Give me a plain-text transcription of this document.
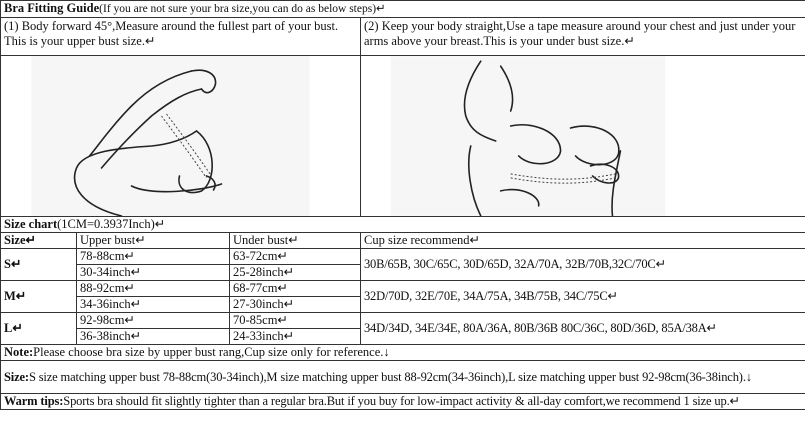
Bra Fitting Guide(If you are not sure your bra size,you can do as below steps)↵			
(1) Body forward 45°,Measure around the fullest part of your bust. This is your upper bust size.↵			(2) Keep your body straight,Use a tape measure around your chest and just under your arms above your breast.This is your under bust size.↵

Size chart(1CM=0.3937Inch)↵			
Size↵	Upper bust↵	Under bust↵	Cup size recommend↵
S↵	78-88cm↵	63-72cm↵	30B/65B, 30C/65C, 30D/65D, 32A/70A, 32B/70B,32C/70C↵
	30-34inch↵	25-28inch↵	
M↵	88-92cm↵	68-77cm↵	32D/70D, 32E/70E, 34A/75A, 34B/75B, 34C/75C↵
	34-36inch↵	27-30inch↵	
L↵	92-98cm↵	70-85cm↵	34D/34D, 34E/34E, 80A/36A, 80B/36B 80C/36C, 80D/36D, 85A/38A↵
	36-38inch↵	24-33inch↵	
Note:Please choose bra size by upper bust rang,Cup size only for reference.↓			
Size:S size matching upper bust 78-88cm(30-34inch),M size matching upper bust 88-92cm(34-36inch),L size matching upper bust 92-98cm(36-38inch).↓			
Warm tips:Sports bra should fit slightly tighter than a regular bra.But if you buy for low-impact activity & all-day comfort,we recommend 1 size up.↵			
